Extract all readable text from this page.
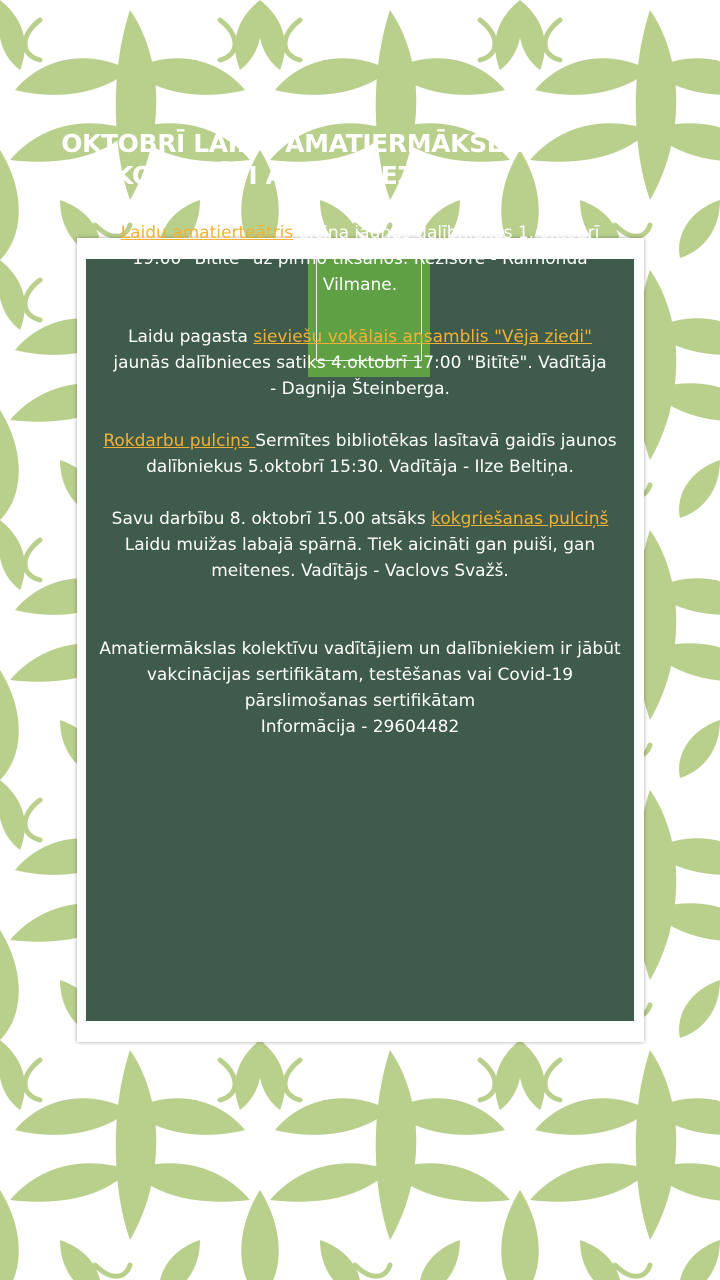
OKTOBRĪ LAIDU AMATIERMĀKSLAS
KOLEKTĪVI ATSĀK SEZONU:

Laidu amatierteātris aicina jaunus dalībniekus 1. oktobrī 19:00 "Bitītē" uz pirmo tikšanos. Režisore - Raimonda Vilmane.

Laidu pagasta sieviešu vokālais ansamblis "Vēja ziedi" jaunās dalībnieces satiks 4.oktobrī 17:00 "Bitītē". Vadītāja - Dagnija Šteinberga.

Rokdarbu pulciņs Sermītes bibliotēkas lasītavā gaidīs jaunos dalībniekus 5.oktobrī 15:30. Vadītāja - Ilze Beltiņa.

Savu darbību 8. oktobrī 15.00 atsāks kokgriešanas pulciņš Laidu muižas labajā spārnā. Tiek aicināti gan puiši, gan meitenes. Vadītājs - Vaclovs Svažš.

Amatiermākslas kolektīvu vadītājiem un dalībniekiem ir jābūt vakcinācijas sertifikātam, testēšanas vai Covid-19 pārslimošanas sertifikātam

Informācija - 29604482
